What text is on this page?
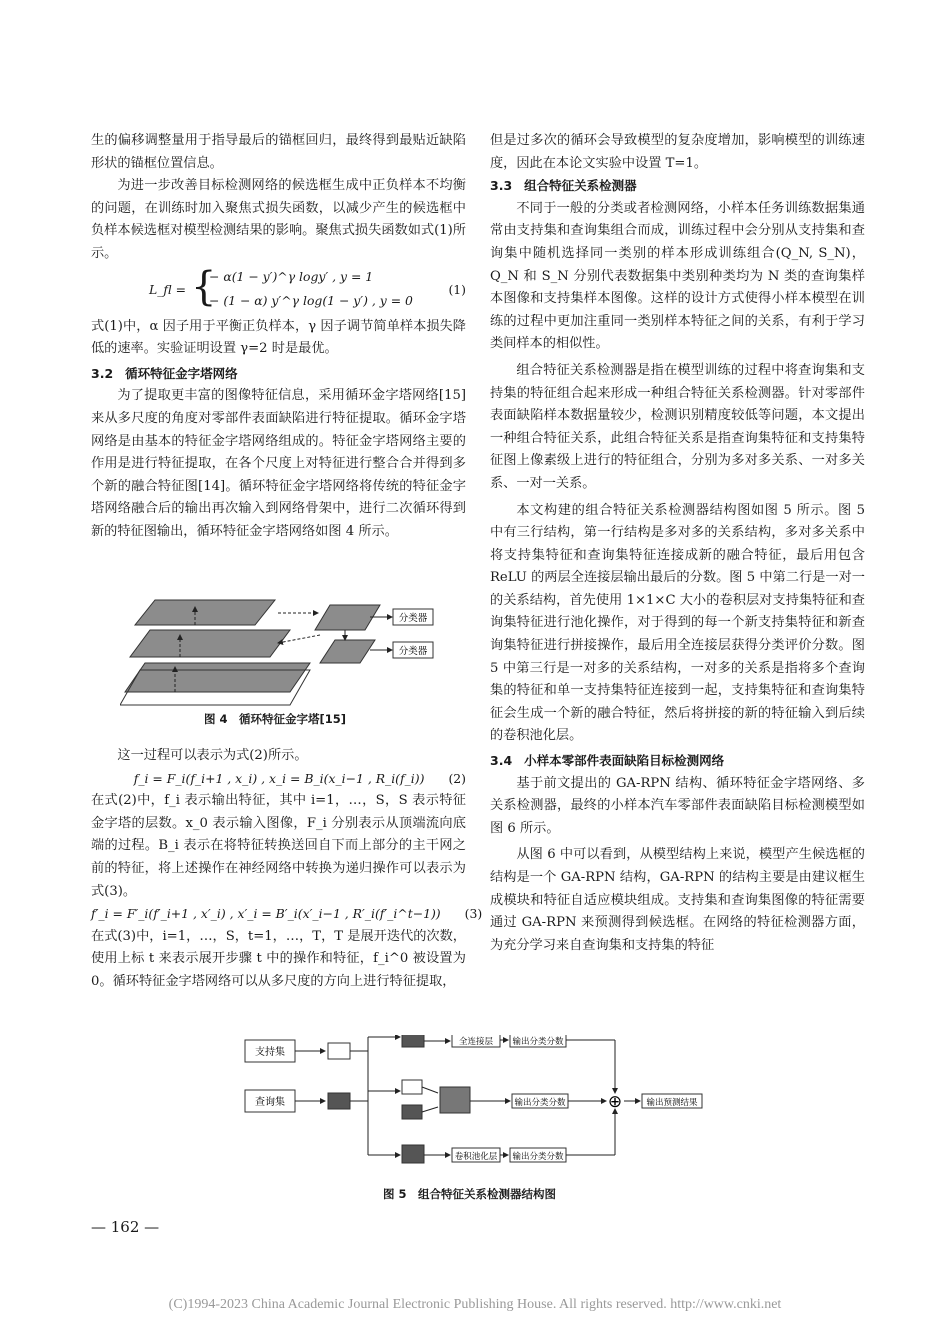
生的偏移调整量用于指导最后的锚框回归，最终得到最贴近缺陷形状的锚框位置信息。

为进一步改善目标检测网络的候选框生成中正负样本不均衡的问题，在训练时加入聚焦式损失函数，以减少产生的候选框中负样本候选框对模型检测结果的影响。聚焦式损失函数如式(1)所示。

L_fl = {
− α(1 − y′)^γ logy′ , y = 1
− (1 − α) y′^γ log(1 − y′) , y = 0
(1)

式(1)中，α 因子用于平衡正负样本，γ 因子调节简单样本损失降低的速率。实验证明设置 γ=2 时是最优。

3.2 循环特征金字塔网络

为了提取更丰富的图像特征信息，采用循环金字塔网络[15]来从多尺度的角度对零部件表面缺陷进行特征提取。循环金字塔网络是由基本的特征金字塔网络组成的。特征金字塔网络主要的作用是进行特征提取，在各个尺度上对特征进行整合合并得到多个新的融合特征图[14]。循环特征金字塔网络将传统的特征金字塔网络融合后的输出再次输入到网络骨架中，进行二次循环得到新的特征图输出，循环特征金字塔网络如图 4 所示。

分类器
分类器
图 4　循环特征金字塔[15]

这一过程可以表示为式(2)所示。

f_i = F_i(f_i+1 , x_i) , x_i = B_i(x_i−1 , R_i(f_i)) (2)

在式(2)中，f_i 表示输出特征，其中 i=1，…，S，S 表示特征金字塔的层数。x_0 表示输入图像，F_i 分别表示从顶端流向底端的过程。B_i 表示在将特征转换送回自下而上部分的主干网之前的特征，将上述操作在神经网络中转换为递归操作可以表示为式(3)。

f′_i = F′_i(f′_i+1 , x′_i) , x′_i = B′_i(x′_i−1 , R′_i(f′_i^t−1)) (3)

在式(3)中，i=1，…，S，t=1，…，T，T 是展开迭代的次数，使用上标 t 来表示展开步骤 t 中的操作和特征，f_i^0 被设置为 0。循环特征金字塔网络可以从多尺度的方向上进行特征提取，

但是过多次的循环会导致模型的复杂度增加，影响模型的训练速度，因此在本论文实验中设置 T=1。

3.3 组合特征关系检测器

不同于一般的分类或者检测网络，小样本任务训练数据集通常由支持集和查询集组合而成，训练过程中会分别从支持集和查询集中随机选择同一类别的样本形成训练组合(Q_N, S_N)，Q_N 和 S_N 分别代表数据集中类别种类均为 N 类的查询集样本图像和支持集样本图像。这样的设计方式使得小样本模型在训练的过程中更加注重同一类别样本特征之间的关系，有利于学习类间样本的相似性。

组合特征关系检测器是指在模型训练的过程中将查询集和支持集的特征组合起来形成一种组合特征关系检测器。针对零部件表面缺陷样本数据量较少，检测识别精度较低等问题，本文提出一种组合特征关系，此组合特征关系是指查询集特征和支持集特征图上像素级上进行的特征组合，分别为多对多关系、一对多关系、一对一关系。

本文构建的组合特征关系检测器结构图如图 5 所示。图 5 中有三行结构，第一行结构是多对多的关系结构，多对多关系中将支持集特征和查询集特征连接成新的融合特征，最后用包含 ReLU 的两层全连接层输出最后的分数。图 5 中第二行是一对一的关系结构，首先使用 1×1×C 大小的卷积层对支持集特征和查询集特征进行池化操作，对于得到的每一个新支持集特征和新查询集特征进行拼接操作，最后用全连接层获得分类评价分数。图 5 中第三行是一对多的关系结构，一对多的关系是指将多个查询集的特征和单一支持集特征连接到一起，支持集特征和查询集特征会生成一个新的融合特征，然后将拼接的新的特征输入到后续的卷积池化层。

3.4 小样本零部件表面缺陷目标检测网络

基于前文提出的 GA-RPN 结构、循环特征金字塔网络、多关系检测器，最终的小样本汽车零部件表面缺陷目标检测模型如图 6 所示。

从图 6 中可以看到，从模型结构上来说，模型产生候选框的结构是一个 GA-RPN 结构，GA-RPN 的结构主要是由建议框生成模块和特征自适应模块组成。支持集和查询集图像的特征需要通过 GA-RPN 来预测得到候选框。在网络的特征检测器方面，为充分学习来自查询集和支持集的特征

支持集
查询集
全连接层 输出分类分数
输出分类分数
卷积池化层 输出分类分数
⊕	输出预测结果
图 5　组合特征关系检测器结构图
— 162 —
(C)1994-2023 China Academic Journal Electronic Publishing House. All rights reserved. http://www.cnki.net
